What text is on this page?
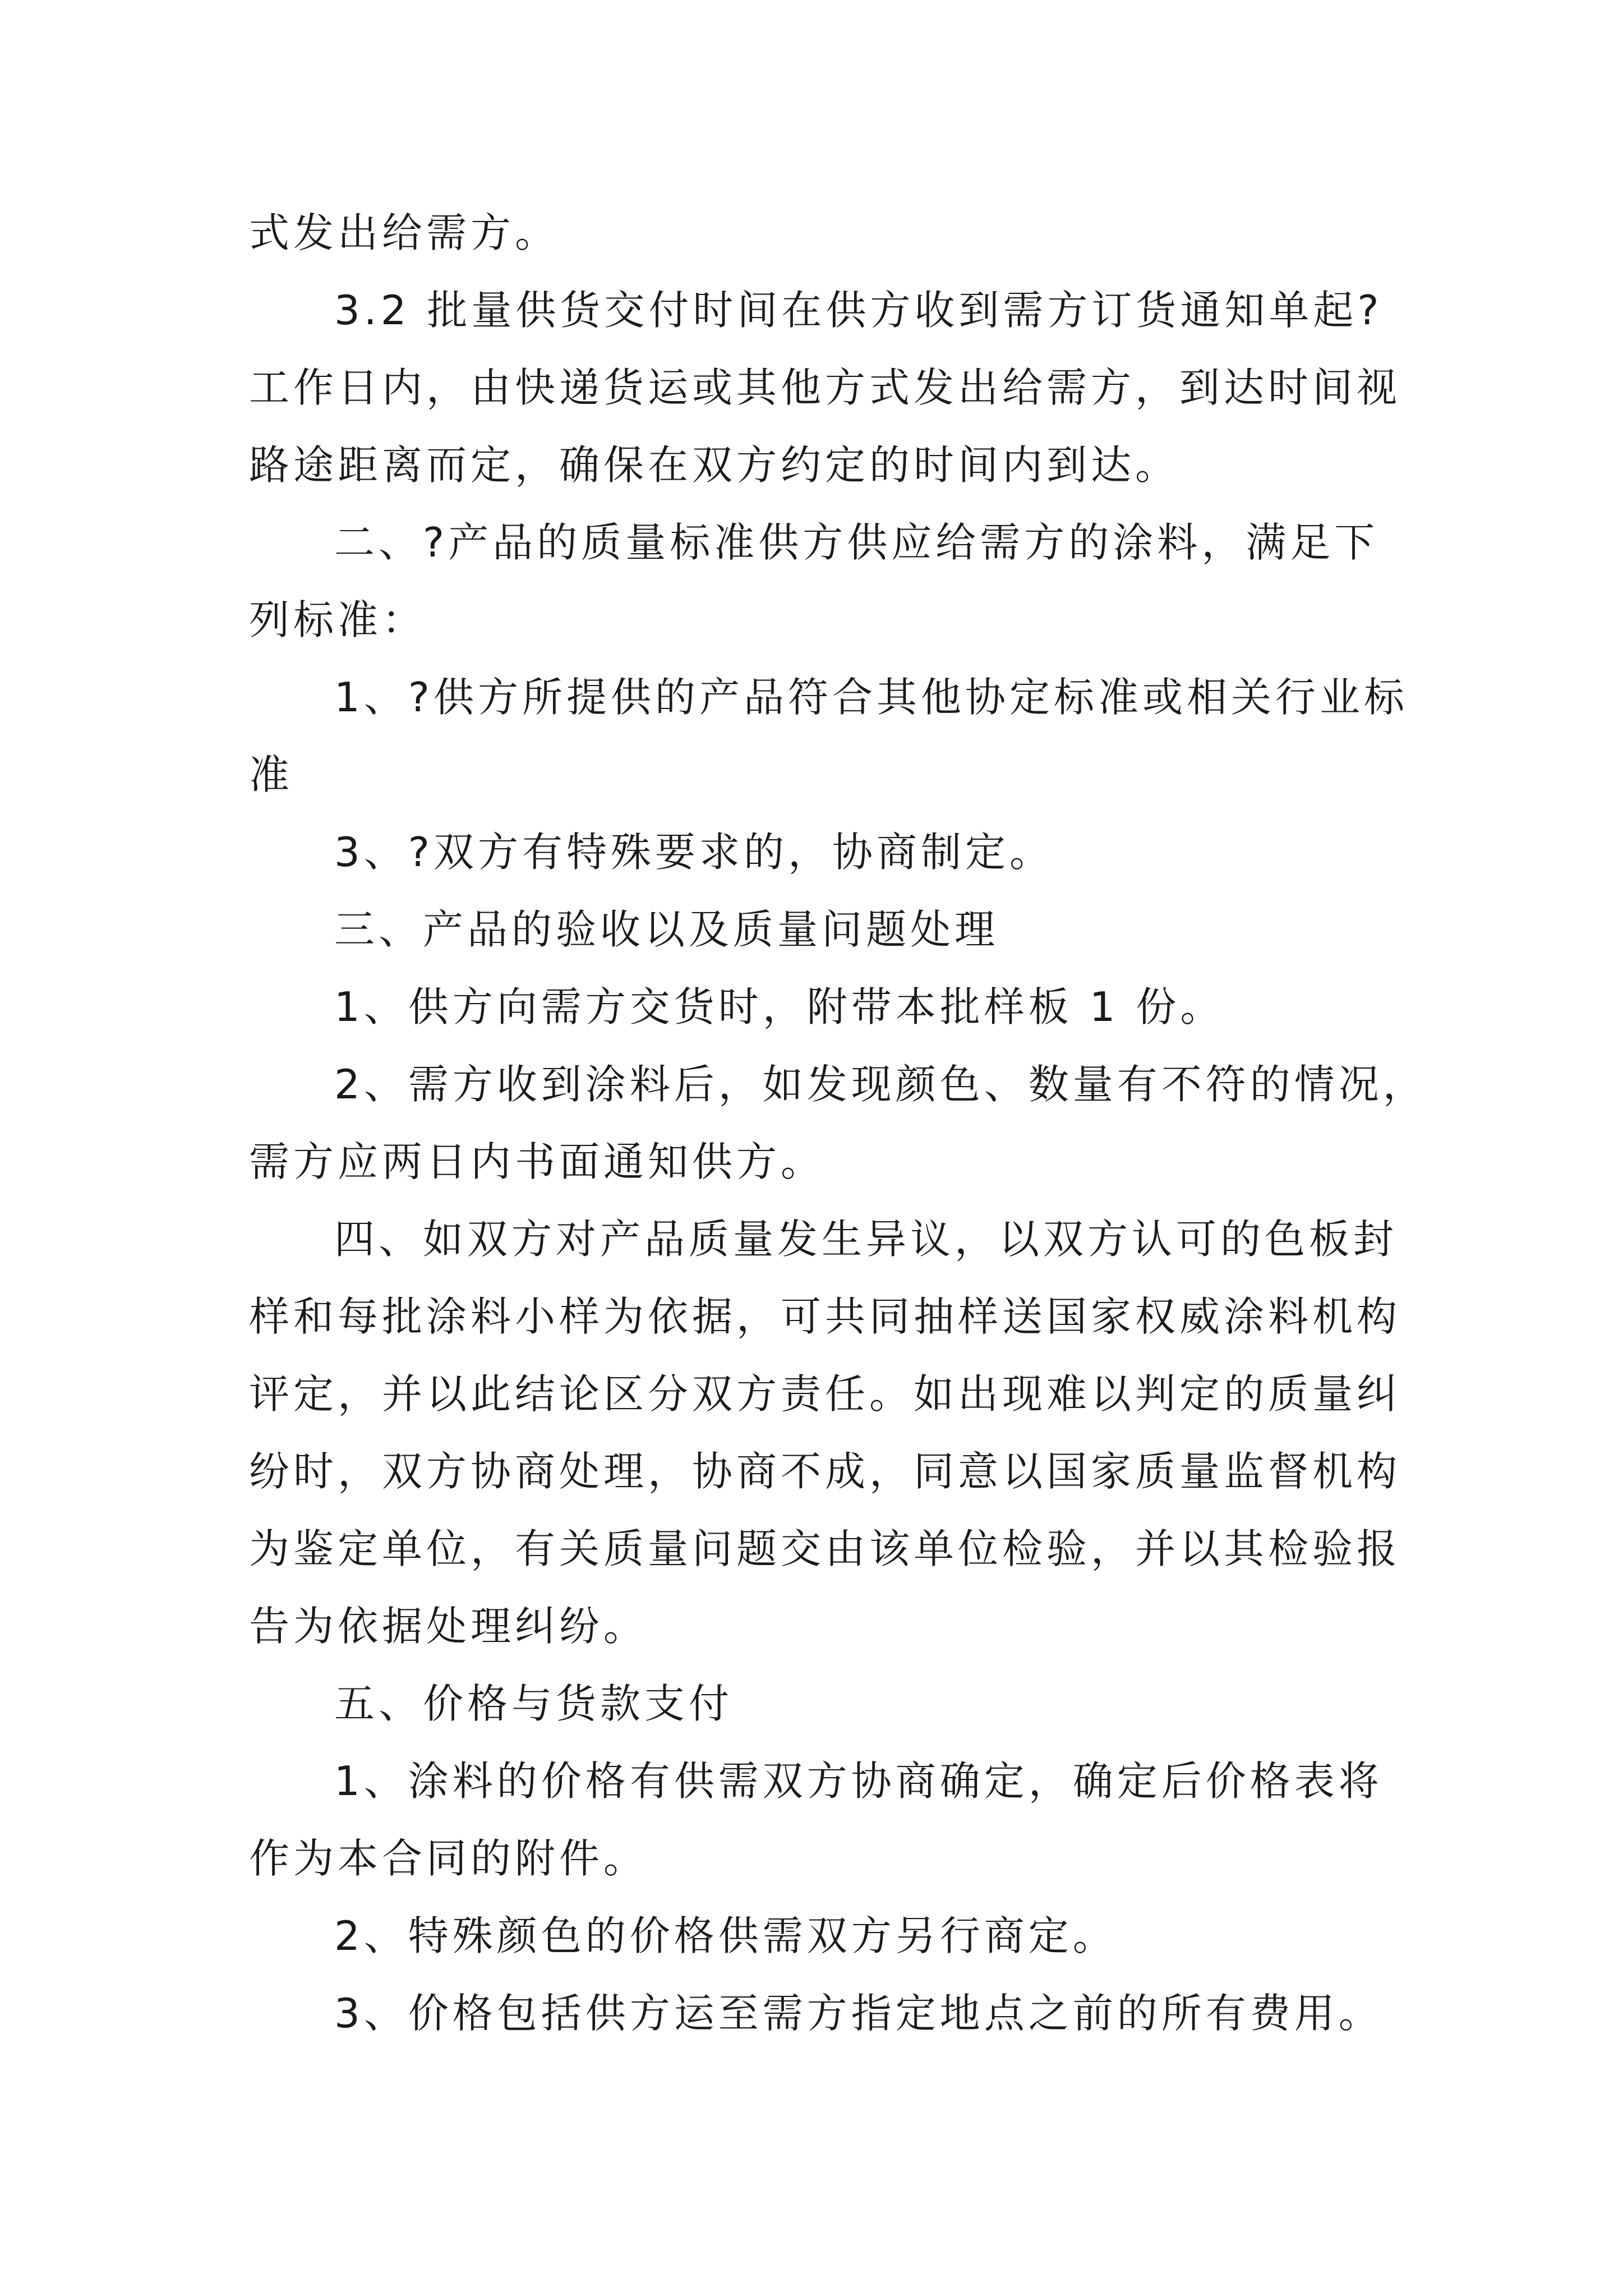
式发出给需方。

3.2 批量供货交付时间在供方收到需方订货通知单起?

工作日内，由快递货运或其他方式发出给需方，到达时间视

路途距离而定，确保在双方约定的时间内到达。

二、?产品的质量标准供方供应给需方的涂料，满足下

列标准：

1、?供方所提供的产品符合其他协定标准或相关行业标

准

3、?双方有特殊要求的，协商制定。

三、产品的验收以及质量问题处理

1、供方向需方交货时，附带本批样板 1 份。

2、需方收到涂料后，如发现颜色、数量有不符的情况，

需方应两日内书面通知供方。

四、如双方对产品质量发生异议，以双方认可的色板封

样和每批涂料小样为依据，可共同抽样送国家权威涂料机构

评定，并以此结论区分双方责任。如出现难以判定的质量纠

纷时，双方协商处理，协商不成，同意以国家质量监督机构

为鉴定单位，有关质量问题交由该单位检验，并以其检验报

告为依据处理纠纷。

五、价格与货款支付

1、涂料的价格有供需双方协商确定，确定后价格表将

作为本合同的附件。

2、特殊颜色的价格供需双方另行商定。

3、价格包括供方运至需方指定地点之前的所有费用。
